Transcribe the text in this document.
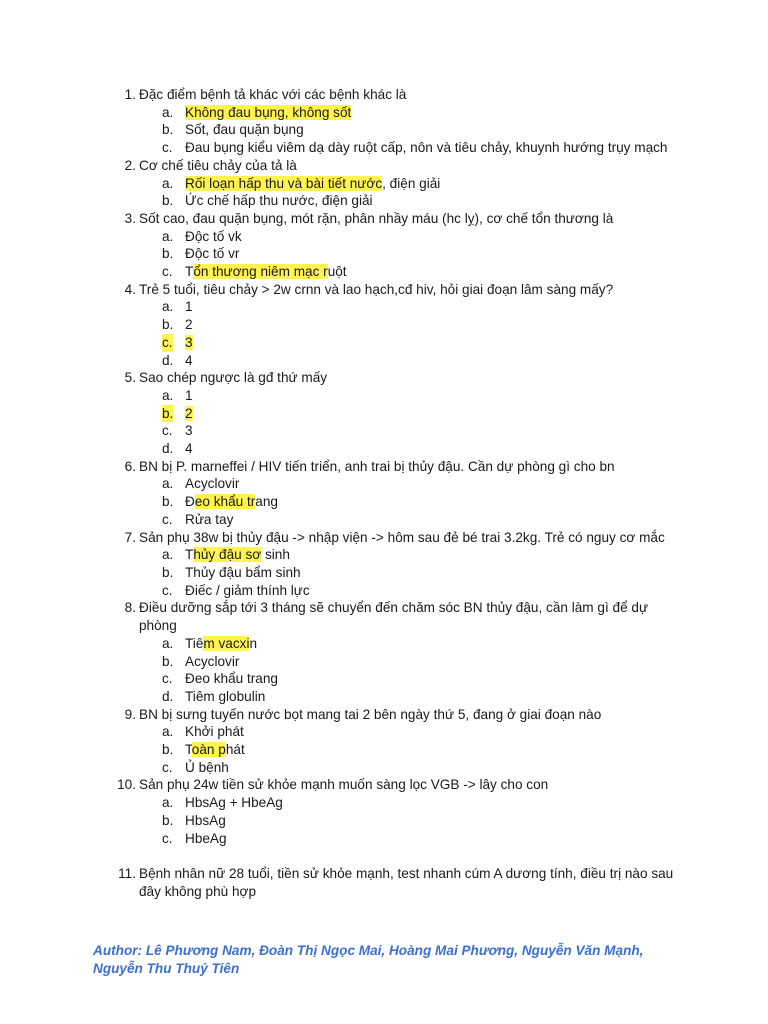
1. Đặc điểm bệnh tả khác với các bệnh khác là
a. Không đau bụng, không sốt
b. Sốt, đau quặn bụng
c. Đau bụng kiểu viêm dạ dày ruột cấp, nôn và tiêu chảy, khuynh hướng trụy mạch
2. Cơ chế tiêu chảy của tả là
a. Rối loạn hấp thu và bài tiết nước, điện giải
b. Ức chế hấp thu nước, điện giải
3. Sốt cao, đau quặn bụng, mót rặn, phân nhầy máu (hc lỵ), cơ chế tổn thương là
a. Độc tố vk
b. Độc tố vr
c. Tổn thương niêm mạc ruột
4. Trẻ 5 tuổi, tiêu chảy > 2w crnn và lao hạch,cđ hiv, hỏi giai đoạn lâm sàng mấy?
a. 1
b. 2
c. 3
d. 4
5. Sao chép ngược là gđ thứ mấy
a. 1
b. 2
c. 3
d. 4
6. BN bị P. marneffei / HIV tiến triển, anh trai bị thủy đậu. Cần dự phòng gì cho bn
a. Acyclovir
b. Đeo khẩu trang
c. Rửa tay
7. Sản phụ 38w bị thủy đậu -> nhập viện -> hôm sau đẻ bé trai 3.2kg. Trẻ có nguy cơ mắc
a. Thủy đậu sơ sinh
b. Thủy đậu bẩm sinh
c. Điếc / giảm thính lực
8. Điều dưỡng sắp tới 3 tháng sẽ chuyển đến chăm sóc BN thủy đậu, cần làm gì để dự phòng
a. Tiêm vacxin
b. Acyclovir
c. Đeo khẩu trang
d. Tiêm globulin
9. BN bị sưng tuyến nước bọt mang tai 2 bên ngày thứ 5, đang ở giai đoạn nào
a. Khởi phát
b. Toàn phát
c. Ủ bệnh
10. Sản phụ 24w tiền sử khỏe mạnh muốn sàng lọc VGB -> lây cho con
a. HbsAg + HbeAg
b. HbsAg
c. HbeAg
11. Bệnh nhân nữ 28 tuổi, tiền sử khỏe mạnh, test nhanh cúm A dương tính, điều trị nào sau đây không phù hợp
Author: Lê Phương Nam, Đoàn Thị Ngọc Mai, Hoàng Mai Phương, Nguyễn Văn Mạnh, Nguyễn Thu Thuỷ Tiên
